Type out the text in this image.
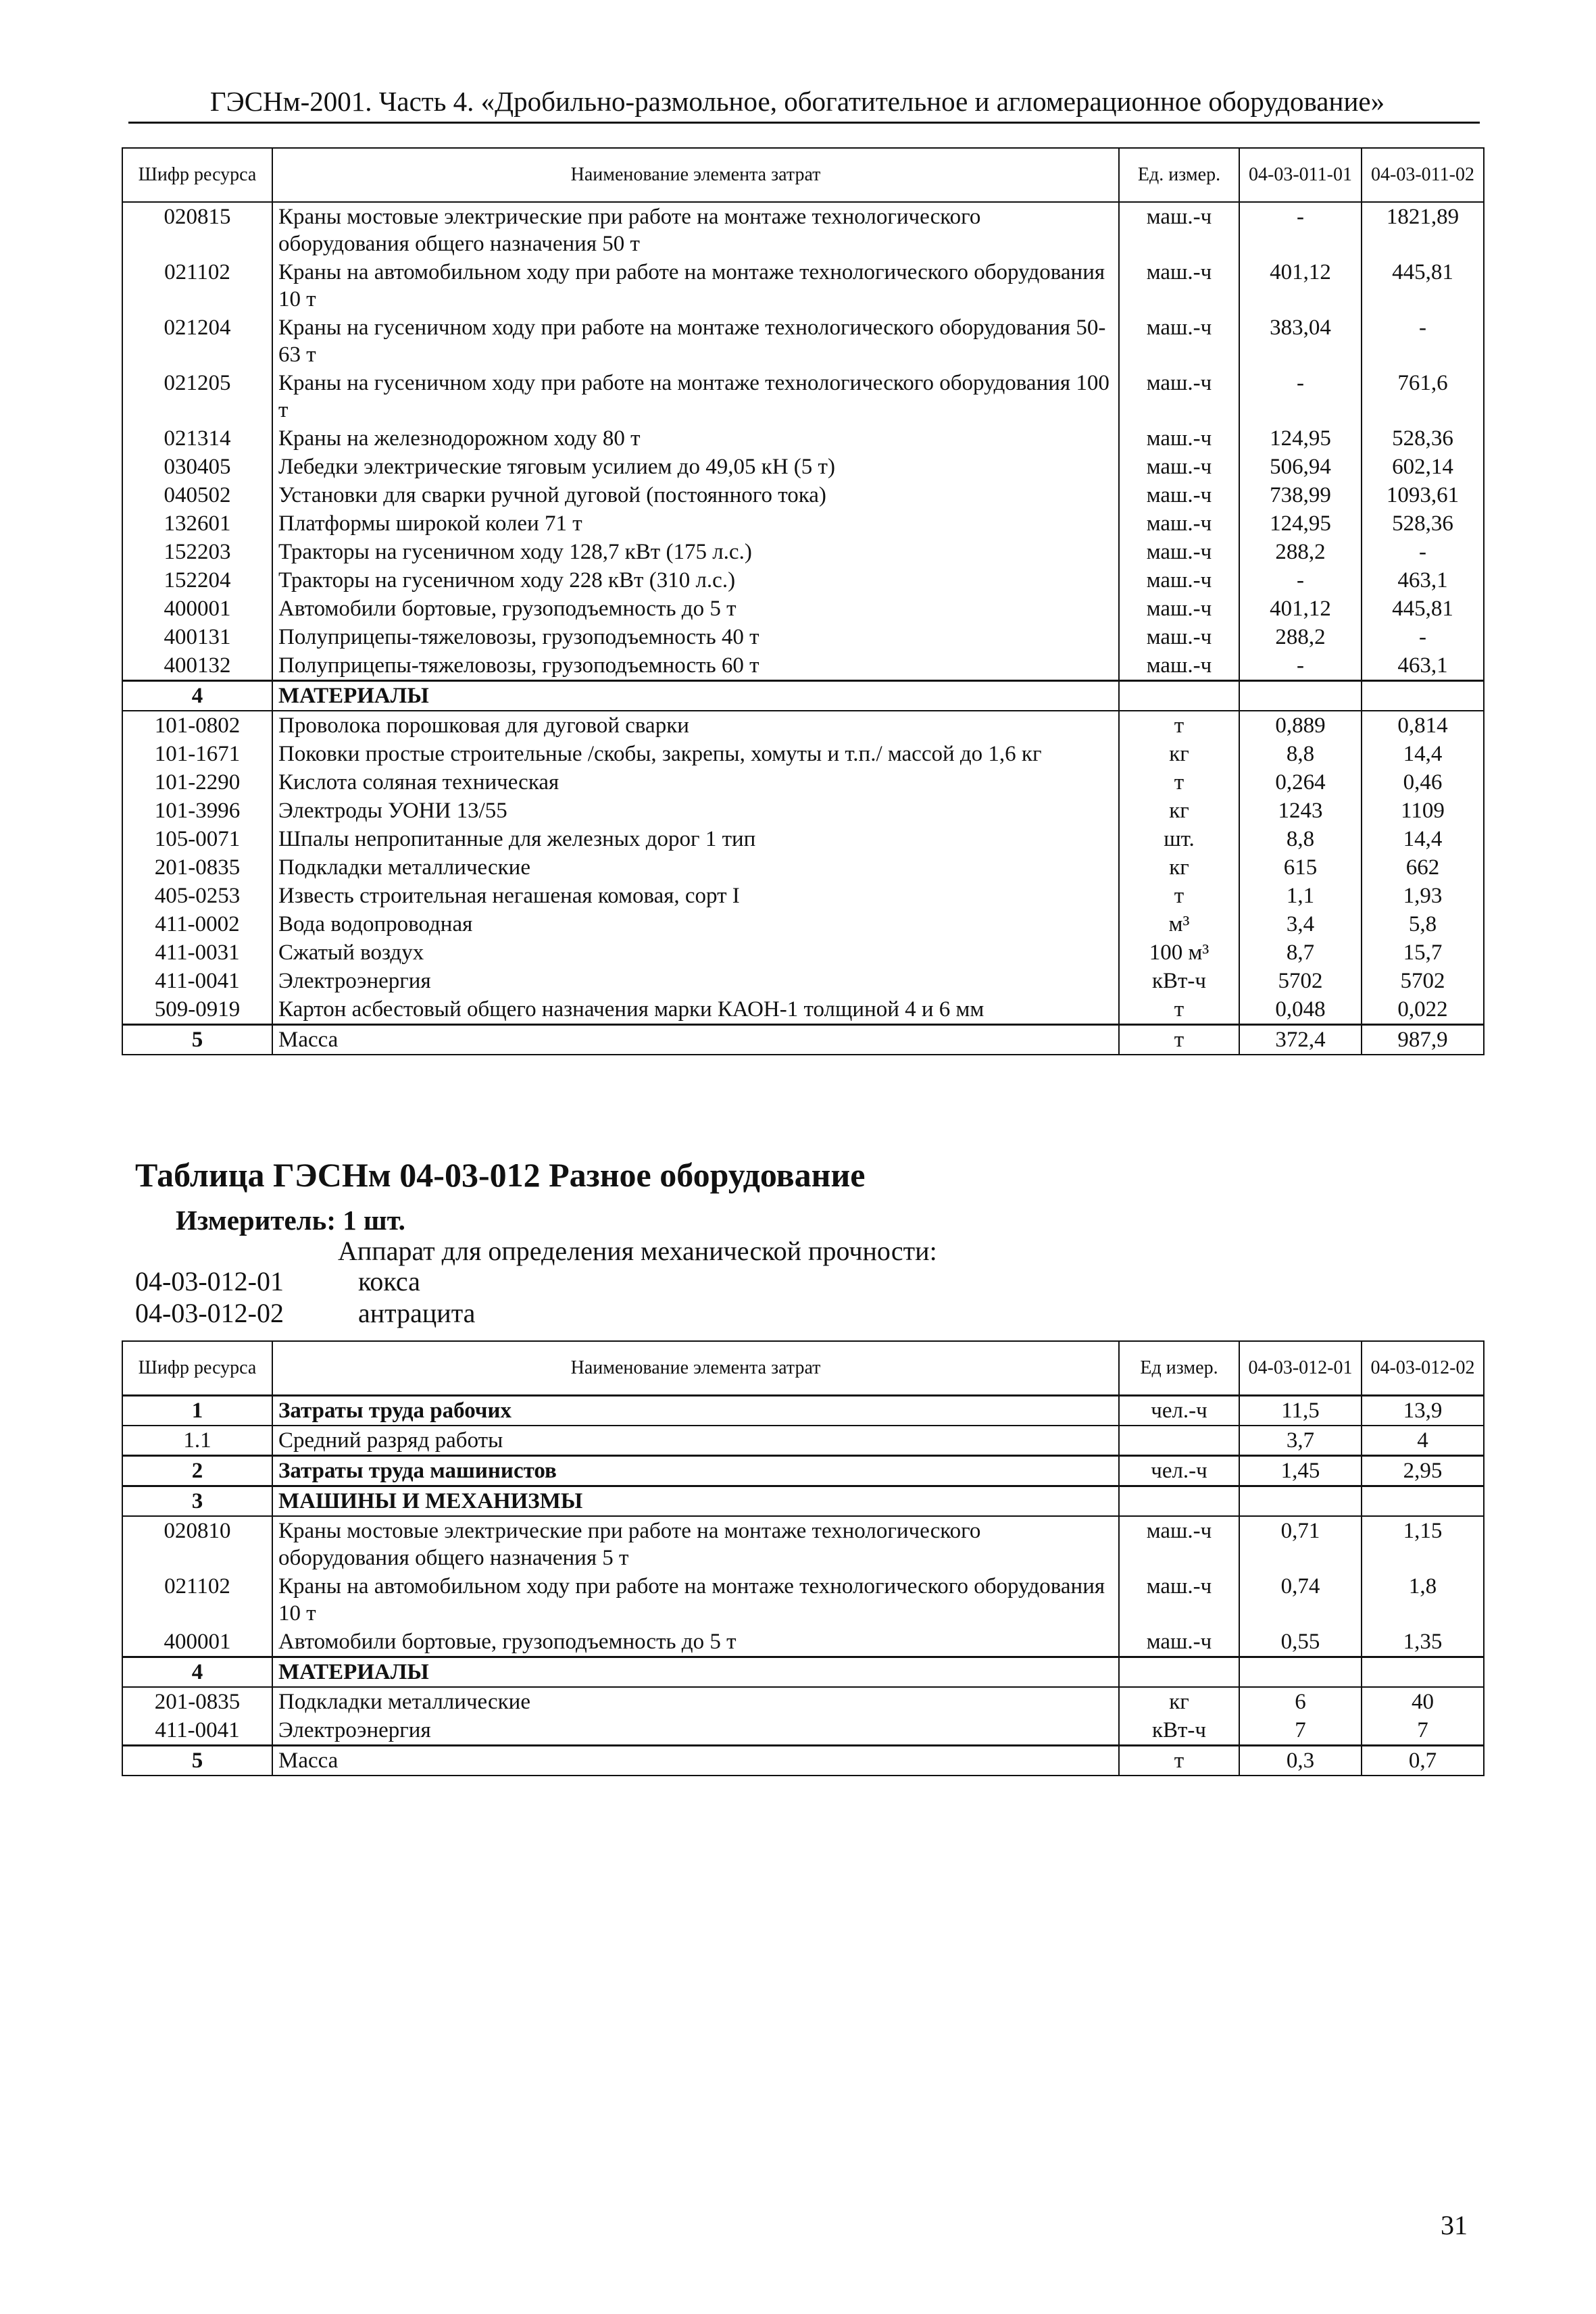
ГЭСНм-2001. Часть 4. «Дробильно-размольное, обогатительное и агломерационное оборудование»
Шифр ресурса	Наименование элемента затрат	Ед. измер.	04-03-011-01	04-03-011-02
020815	Краны мостовые электрические при работе на монтаже технологического оборудования общего назначения 50 т	маш.-ч	-	1821,89
021102	Краны на автомобильном ходу при работе на монтаже технологического оборудования 10 т	маш.-ч	401,12	445,81
021204	Краны на гусеничном ходу при работе на монтаже технологического оборудования 50-63 т	маш.-ч	383,04	-
021205	Краны на гусеничном ходу при работе на монтаже технологического оборудования 100 т	маш.-ч	-	761,6
021314	Краны на железнодорожном ходу 80 т	маш.-ч	124,95	528,36
030405	Лебедки электрические тяговым усилием до 49,05 кН (5 т)	маш.-ч	506,94	602,14
040502	Установки для сварки ручной дуговой (постоянного тока)	маш.-ч	738,99	1093,61
132601	Платформы широкой колеи 71 т	маш.-ч	124,95	528,36
152203	Тракторы на гусеничном ходу 128,7 кВт (175 л.с.)	маш.-ч	288,2	-
152204	Тракторы на гусеничном ходу 228 кВт (310 л.с.)	маш.-ч	-	463,1
400001	Автомобили бортовые, грузоподъемность до 5 т	маш.-ч	401,12	445,81
400131	Полуприцепы-тяжеловозы, грузоподъемность 40 т	маш.-ч	288,2	-
400132	Полуприцепы-тяжеловозы, грузоподъемность 60 т	маш.-ч	-	463,1
4	МАТЕРИАЛЫ			
101-0802	Проволока порошковая для дуговой сварки	т	0,889	0,814
101-1671	Поковки простые строительные /скобы, закрепы, хомуты и т.п./ массой до 1,6 кг	кг	8,8	14,4
101-2290	Кислота соляная техническая	т	0,264	0,46
101-3996	Электроды УОНИ 13/55	кг	1243	1109
105-0071	Шпалы непропитанные для железных дорог 1 тип	шт.	8,8	14,4
201-0835	Подкладки металлические	кг	615	662
405-0253	Известь строительная негашеная комовая, сорт I	т	1,1	1,93
411-0002	Вода водопроводная	м³	3,4	5,8
411-0031	Сжатый воздух	100 м³	8,7	15,7
411-0041	Электроэнергия	кВт-ч	5702	5702
509-0919	Картон асбестовый общего назначения марки КАОН-1 толщиной 4 и 6 мм	т	0,048	0,022
5	Масса	т	372,4	987,9
Таблица ГЭСНм 04-03-012 Разное оборудование
Измеритель: 1 шт.
Аппарат для определения механической прочности:
04-03-012-01	кокса
04-03-012-02	антрацита
Шифр ресурса	Наименование элемента затрат	Ед измер.	04-03-012-01	04-03-012-02
1	Затраты труда рабочих	чел.-ч	11,5	13,9
1.1	Средний разряд работы		3,7	4
2	Затраты труда машинистов	чел.-ч	1,45	2,95
3	МАШИНЫ И МЕХАНИЗМЫ			
020810	Краны мостовые электрические при работе на монтаже технологического оборудования общего назначения 5 т	маш.-ч	0,71	1,15
021102	Краны на автомобильном ходу при работе на монтаже технологического оборудования 10 т	маш.-ч	0,74	1,8
400001	Автомобили бортовые, грузоподъемность до 5 т	маш.-ч	0,55	1,35
4	МАТЕРИАЛЫ			
201-0835	Подкладки металлические	кг	6	40
411-0041	Электроэнергия	кВт-ч	7	7
5	Масса	т	0,3	0,7
31
